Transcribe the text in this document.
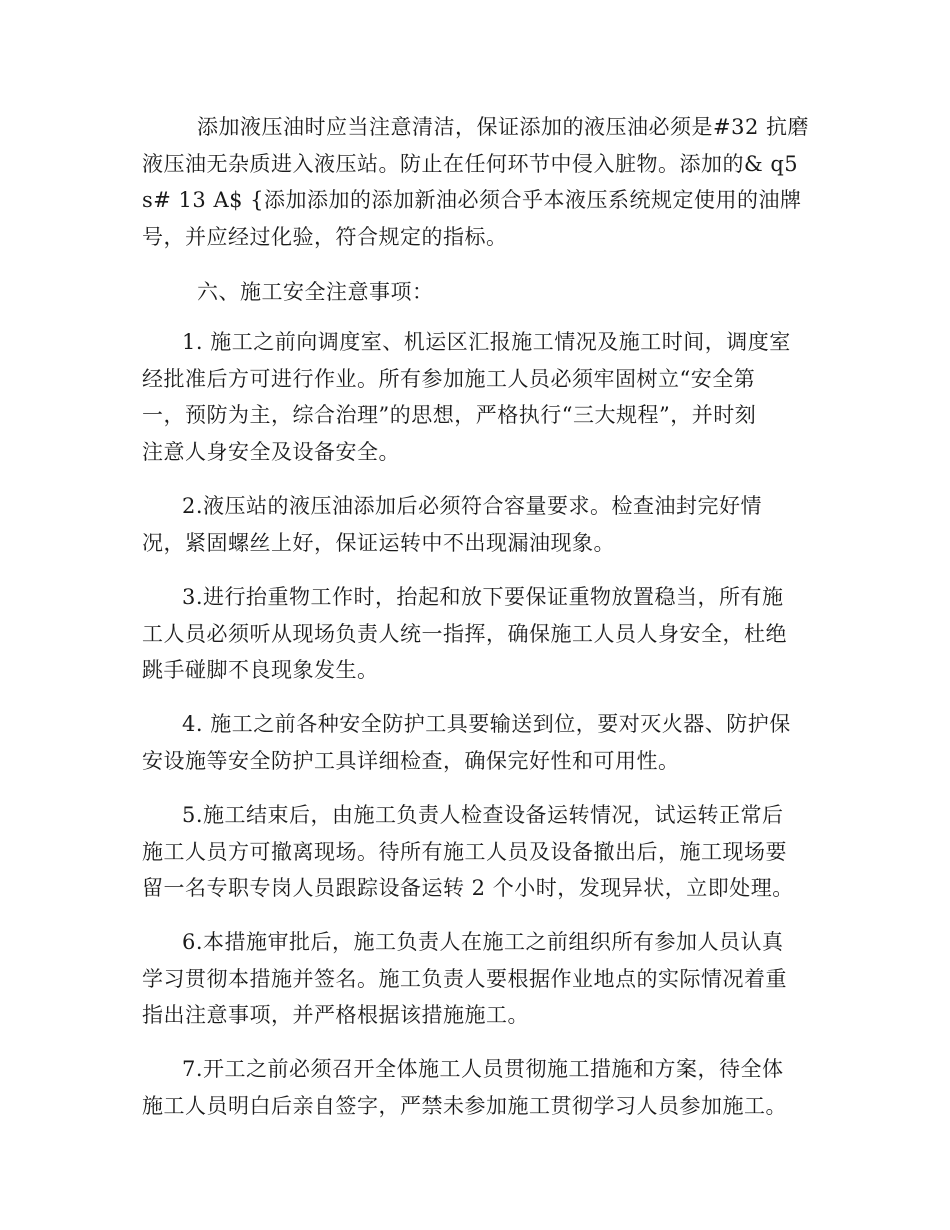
添加液压油时应当注意清洁，保证添加的液压油必须是#32 抗磨
液压油无杂质进入液压站。防止在任何环节中侵入脏物。添加的& q5
s# 13 A$ {添加添加的添加新油必须合乎本液压系统规定使用的油牌
号，并应经过化验，符合规定的指标。

六、施工安全注意事项：

1. 施工之前向调度室、机运区汇报施工情况及施工时间，调度室
经批准后方可进行作业。所有参加施工人员必须牢固树立“安全第
一，预防为主，综合治理”的思想，严格执行“三大规程”，并时刻
注意人身安全及设备安全。

2.液压站的液压油添加后必须符合容量要求。检查油封完好情
况，紧固螺丝上好，保证运转中不出现漏油现象。

3.进行抬重物工作时，抬起和放下要保证重物放置稳当，所有施
工人员必须听从现场负责人统一指挥，确保施工人员人身安全，杜绝
跳手碰脚不良现象发生。

4. 施工之前各种安全防护工具要输送到位，要对灭火器、防护保
安设施等安全防护工具详细检查，确保完好性和可用性。

5.施工结束后，由施工负责人检查设备运转情况，试运转正常后
施工人员方可撤离现场。待所有施工人员及设备撤出后，施工现场要
留一名专职专岗人员跟踪设备运转 2 个小时，发现异状，立即处理。

6.本措施审批后，施工负责人在施工之前组织所有参加人员认真
学习贯彻本措施并签名。施工负责人要根据作业地点的实际情况着重
指出注意事项，并严格根据该措施施工。

7.开工之前必须召开全体施工人员贯彻施工措施和方案，待全体
施工人员明白后亲自签字，严禁未参加施工贯彻学习人员参加施工。
